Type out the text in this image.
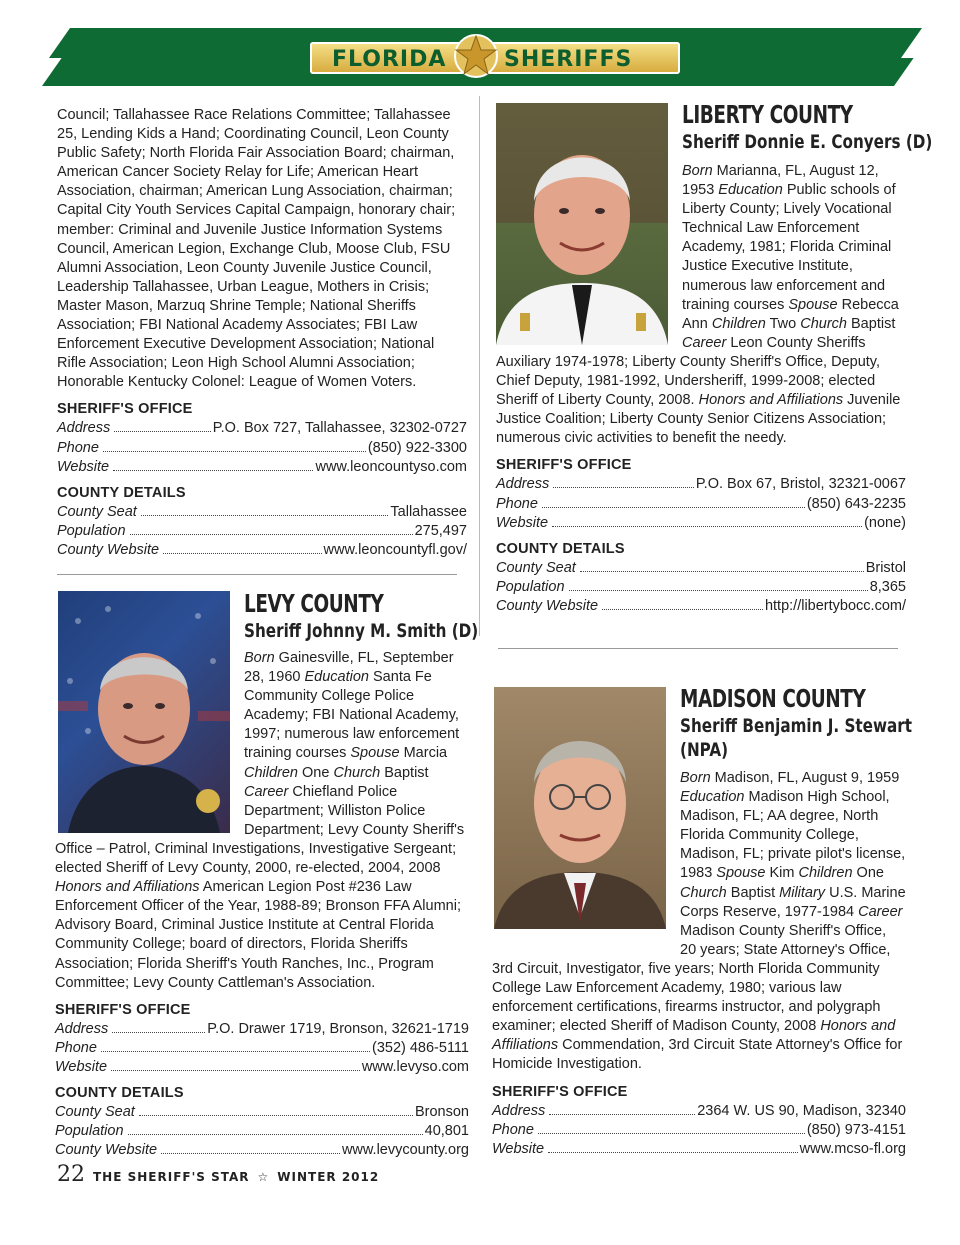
FLORIDA	SHERIFFS

Council; Tallahassee Race Relations Committee; Tallahassee 25, Lending Kids a Hand; Coordinating Council, Leon County Public Safety; North Florida Fair Association Board; chairman, American Cancer Society Relay for Life; American Heart Association, chairman; American Lung Association, chairman; Capital City Youth Services Capital Campaign, honorary chair; member: Criminal and Juvenile Justice Information Systems Council, American Legion, Exchange Club, Moose Club, FSU Alumni Association, Leon County Juvenile Justice Council, Leadership Tallahassee, Urban League, Mothers in Crisis; Master Mason, Marzuq Shrine Temple; National Sheriffs Association; FBI National Academy Associates; FBI Law Enforcement Executive Development Association; National Rifle Association; Leon High School Alumni Association; Honorable Kentucky Colonel: League of Women Voters.

SHERIFF'S OFFICE

Address	P.O. Box 727, Tallahassee, 32302-0727
Phone	(850) 922-3300
Website	www.leoncountyso.com

COUNTY DETAILS

County Seat	Tallahassee
Population	275,497
County Website	www.leoncountyfl.gov/
LEVY COUNTY
Sheriff Johnny M. Smith (D)

Born Gainesville, FL, September 28, 1960 Education Santa Fe Community College Police Academy; FBI National Academy, 1997; numerous law enforcement training courses Spouse Marcia Children One Church Baptist Career Chiefland Police Department; Williston Police Department; Levy County Sheriff's Office – Patrol, Criminal Investigations, Investigative Sergeant; elected Sheriff of Levy County, 2000, re-elected, 2004, 2008 Honors and Affiliations American Legion Post #236 Law Enforcement Officer of the Year, 1988-89; Bronson FFA Alumni; Advisory Board, Criminal Justice Institute at Central Florida Community College; board of directors, Florida Sheriffs Association; Florida Sheriff's Youth Ranches, Inc., Program Committee; Levy County Cattleman's Association.

SHERIFF'S OFFICE

Address	P.O. Drawer 1719, Bronson, 32621-1719
Phone	(352) 486-5111
Website	www.levyso.com

COUNTY DETAILS

County Seat	Bronson
Population	40,801
County Website	www.levycounty.org
LIBERTY COUNTY
Sheriff Donnie E. Conyers (D)

Born Marianna, FL, August 12, 1953 Education Public schools of Liberty County; Lively Vocational Technical Law Enforcement Academy, 1981; Florida Criminal Justice Executive Institute, numerous law enforcement and training courses Spouse Rebecca Ann Children Two Church Baptist Career Leon County Sheriffs Auxiliary 1974-1978; Liberty County Sheriff's Office, Deputy, Chief Deputy, 1981-1992, Undersheriff, 1999-2008; elected Sheriff of Liberty County, 2008. Honors and Affiliations Juvenile Justice Coalition; Liberty County Senior Citizens Association; numerous civic activities to benefit the needy.

SHERIFF'S OFFICE

Address	P.O. Box 67, Bristol, 32321-0067
Phone	(850) 643-2235
Website	(none)

COUNTY DETAILS

County Seat	Bristol
Population	8,365
County Website	http://libertybocc.com/
MADISON COUNTY
Sheriff Benjamin J. Stewart
(NPA)

Born Madison, FL, August 9, 1959 Education Madison High School, Madison, FL; AA degree, North Florida Community College, Madison, FL; private pilot's license, 1983 Spouse Kim Children One Church Baptist Military U.S. Marine Corps Reserve, 1977-1984 Career Madison County Sheriff's Office, 20 years; State Attorney's Office, 3rd Circuit, Investigator, five years; North Florida Community College Law Enforcement Academy, 1980; various law enforcement certifications, firearms instructor, and polygraph examiner; elected Sheriff of Madison County, 2008 Honors and Affiliations Commendation, 3rd Circuit State Attorney's Office for Homicide Investigation.

SHERIFF'S OFFICE

Address	2364 W. US 90, Madison, 32340
Phone	(850) 973-4151
Website	www.mcso-fl.org
22 THE SHERIFF'S STAR ☆ WINTER 2012
